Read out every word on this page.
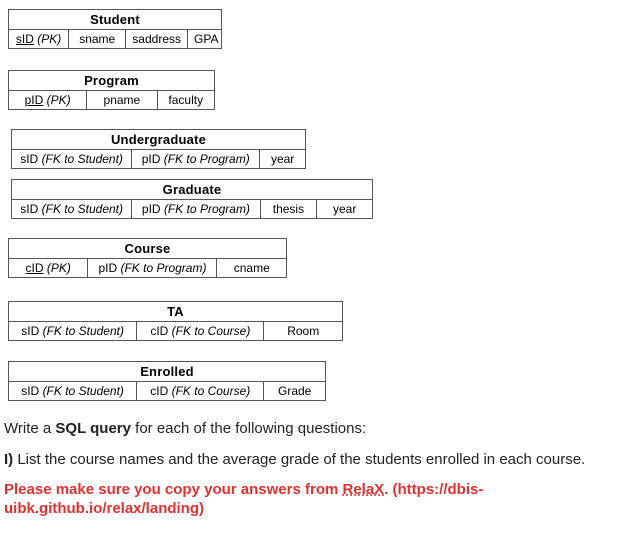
Student
sID (PK)	sname	saddress	GPA
Program
pID (PK)	pname	faculty
Undergraduate
sID (FK to Student)	pID (FK to Program)	year
Graduate
sID (FK to Student)	pID (FK to Program)	thesis	year
Course
cID (PK)	pID (FK to Program)	cname
TA
sID (FK to Student)	cID (FK to Course)	Room
Enrolled
sID (FK to Student)	cID (FK to Course)	Grade
Write a SQL query for each of the following questions:
I) List the course names and the average grade of the students enrolled in each course.
Please make sure you copy your answers from RelaX. (https://dbis-
uibk.github.io/relax/landing)
